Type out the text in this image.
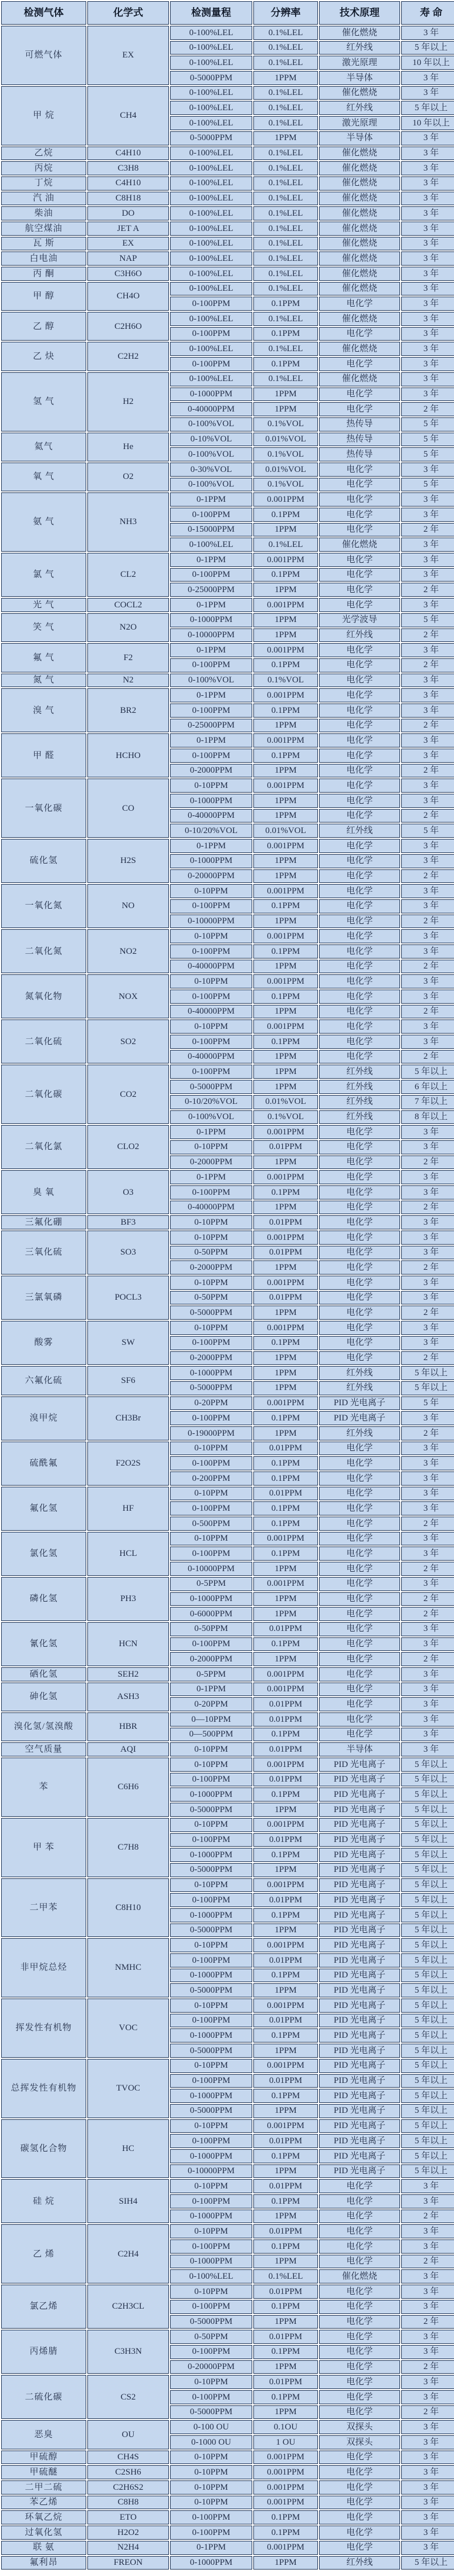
检测气体	化学式	检测量程	分辨率	技术原理	寿 命
可燃气体	EX	0-100%LEL	0.1%LEL	催化燃烧	3 年
		0-100%LEL	0.1%LEL	红外线	5 年以上
		0-100%LEL	0.1%LEL	激光原理	10 年以上
		0-5000PPM	1PPM	半导体	3 年
甲 烷	CH4	0-100%LEL	0.1%LEL	催化燃烧	3 年
		0-100%LEL	0.1%LEL	红外线	5 年以上
		0-100%LEL	0.1%LEL	激光原理	10 年以上
		0-5000PPM	1PPM	半导体	3 年
乙烷	C4H10	0-100%LEL	0.1%LEL	催化燃烧	3 年
丙烷	C3H8	0-100%LEL	0.1%LEL	催化燃烧	3 年
丁烷	C4H10	0-100%LEL	0.1%LEL	催化燃烧	3 年
汽 油	C8H18	0-100%LEL	0.1%LEL	催化燃烧	3 年
柴油	DO	0-100%LEL	0.1%LEL	催化燃烧	3 年
航空煤油	JET A	0-100%LEL	0.1%LEL	催化燃烧	3 年
瓦 斯	EX	0-100%LEL	0.1%LEL	催化燃烧	3 年
白电油	NAP	0-100%LEL	0.1%LEL	催化燃烧	3 年
丙 酮	C3H6O	0-100%LEL	0.1%LEL	催化燃烧	3 年
甲 醇	CH4O	0-100%LEL	0.1%LEL	催化燃烧	3 年
		0-100PPM	0.1PPM	电化学	3 年
乙 醇	C2H6O	0-100%LEL	0.1%LEL	催化燃烧	3 年
		0-100PPM	0.1PPM	电化学	3 年
乙 炔	C2H2	0-100%LEL	0.1%LEL	催化燃烧	3 年
		0-100PPM	0.1PPM	电化学	3 年
氢 气	H2	0-100%LEL	0.1%LEL	催化燃烧	3 年
		0-1000PPM	1PPM	电化学	3 年
		0-40000PPM	1PPM	电化学	2 年
		0-100%VOL	0.1%VOL	热传导	5 年
氦气	He	0-10%VOL	0.01%VOL	热传导	5 年
		0-100%VOL	0.1%VOL	热传导	5 年
氧 气	O2	0-30%VOL	0.01%VOL	电化学	3 年
		0-100%VOL	0.1%VOL	电化学	5 年
氨 气	NH3	0-1PPM	0.001PPM	电化学	3 年
		0-100PPM	0.1PPM	电化学	3 年
		0-15000PPM	1PPM	电化学	2 年
		0-100%LEL	0.1%LEL	催化燃烧	3 年
氯 气	CL2	0-1PPM	0.001PPM	电化学	3 年
		0-100PPM	0.1PPM	电化学	3 年
		0-25000PPM	1PPM	电化学	2 年
光 气	COCL2	0-1PPM	0.001PPM	电化学	3 年
笑 气	N2O	0-1000PPM	1PPM	光学波导	5 年
		0-10000PPM	1PPM	红外线	2 年
氟 气	F2	0-1PPM	0.001PPM	电化学	3 年
		0-100PPM	0.1PPM	电化学	2 年
氮 气	N2	0-100%VOL	0.1%VOL	电化学	3 年
溴 气	BR2	0-1PPM	0.001PPM	电化学	3 年
		0-100PPM	0.1PPM	电化学	3 年
		0-25000PPM	1PPM	电化学	2 年
甲 醛	HCHO	0-1PPM	0.001PPM	电化学	3 年
		0-100PPM	0.1PPM	电化学	3 年
		0-2000PPM	1PPM	电化学	2 年
一氧化碳	CO	0-10PPM	0.001PPM	电化学	3 年
		0-1000PPM	1PPM	电化学	3 年
		0-40000PPM	1PPM	电化学	2 年
		0-10/20%VOL	0.01%VOL	红外线	5 年
硫化氢	H2S	0-1PPM	0.001PPM	电化学	3 年
		0-1000PPM	1PPM	电化学	3 年
		0-20000PPM	1PPM	电化学	2 年
一氧化氮	NO	0-10PPM	0.001PPM	电化学	3 年
		0-100PPM	0.1PPM	电化学	3 年
		0-10000PPM	1PPM	电化学	2 年
二氧化氮	NO2	0-10PPM	0.001PPM	电化学	3 年
		0-100PPM	0.1PPM	电化学	3 年
		0-40000PPM	1PPM	电化学	2 年
氮氧化物	NOX	0-10PPM	0.001PPM	电化学	3 年
		0-100PPM	0.1PPM	电化学	3 年
		0-40000PPM	1PPM	电化学	2 年
二氧化硫	SO2	0-10PPM	0.001PPM	电化学	3 年
		0-100PPM	0.1PPM	电化学	3 年
		0-40000PPM	1PPM	电化学	2 年
二氧化碳	CO2	0-100PPM	1PPM	红外线	5 年以上
		0-5000PPM	1PPM	红外线	6 年以上
		0-10/20%VOL	0.01%VOL	红外线	7 年以上
		0-100%VOL	0.1%VOL	红外线	8 年以上
二氧化氯	CLO2	0-1PPM	0.001PPM	电化学	3 年
		0-10PPM	0.01PPM	电化学	3 年
		0-2000PPM	1PPM	电化学	2 年
臭 氧	O3	0-1PPM	0.001PPM	电化学	3 年
		0-100PPM	0.1PPM	电化学	3 年
		0-40000PPM	1PPM	电化学	2 年
三氟化硼	BF3	0-10PPM	0.01PPM	电化学	3 年
三氧化硫	SO3	0-10PPM	0.001PPM	电化学	3 年
		0-50PPM	0.01PPM	电化学	3 年
		0-2000PPM	1PPM	电化学	2 年
三氯氧磷	POCL3	0-10PPM	0.001PPM	电化学	3 年
		0-50PPM	0.01PPM	电化学	3 年
		0-5000PPM	1PPM	电化学	2 年
酸雾	SW	0-10PPM	0.001PPM	电化学	3 年
		0-100PPM	0.1PPM	电化学	3 年
		0-2000PPM	1PPM	电化学	2 年
六氟化硫	SF6	0-1000PPM	1PPM	红外线	5 年以上
		0-5000PPM	1PPM	红外线	5 年以上
溴甲烷	CH3Br	0-20PPM	0.001PPM	PID 光电离子	5 年
		0-100PPM	0.1PPM	PID 光电离子	3 年
		0-19000PPM	1PPM	红外线	2 年
硫酰氟	F2O2S	0-10PPM	0.01PPM	电化学	3 年
		0-100PPM	0.1PPM	电化学	3 年
		0-200PPM	0.1PPM	电化学	3 年
氟化氢	HF	0-10PPM	0.01PPM	电化学	3 年
		0-100PPM	0.1PPM	电化学	3 年
		0-500PPM	0.1PPM	电化学	2 年
氯化氢	HCL	0-10PPM	0.001PPM	电化学	3 年
		0-100PPM	0.1PPM	电化学	3 年
		0-10000PPM	1PPM	电化学	2 年
磷化氢	PH3	0-5PPM	0.001PPM	电化学	3 年
		0-1000PPM	1PPM	电化学	2 年
		0-6000PPM	1PPM	电化学	2 年
氰化氢	HCN	0-50PPM	0.01PPM	电化学	3 年
		0-100PPM	0.1PPM	电化学	3 年
		0-2000PPM	1PPM	电化学	2 年
硒化氢	SEH2	0-5PPM	0.001PPM	电化学	3 年
砷化氢	ASH3	0-1PPM	0.001PPM	电化学	3 年
		0-20PPM	0.01PPM	电化学	3 年
溴化氢/氢溴酸	HBR	0—10PPM	0.01PPM	电化学	3 年
		0—500PPM	0.1PPM	电化学	3 年
空气质量	AQI	0-10PPM	0.01PPM	半导体	3 年
苯	C6H6	0-10PPM	0.001PPM	PID 光电离子	5 年以上
		0-100PPM	0.01PPM	PID 光电离子	5 年以上
		0-1000PPM	0.1PPM	PID 光电离子	5 年以上
		0-5000PPM	1PPM	PID 光电离子	5 年以上
甲 苯	C7H8	0-10PPM	0.001PPM	PID 光电离子	5 年以上
		0-100PPM	0.01PPM	PID 光电离子	5 年以上
		0-1000PPM	0.1PPM	PID 光电离子	5 年以上
		0-5000PPM	1PPM	PID 光电离子	5 年以上
二甲苯	C8H10	0-10PPM	0.001PPM	PID 光电离子	5 年以上
		0-100PPM	0.01PPM	PID 光电离子	5 年以上
		0-1000PPM	0.1PPM	PID 光电离子	5 年以上
		0-5000PPM	1PPM	PID 光电离子	5 年以上
非甲烷总烃	NMHC	0-10PPM	0.001PPM	PID 光电离子	5 年以上
		0-100PPM	0.01PPM	PID 光电离子	5 年以上
		0-1000PPM	0.1PPM	PID 光电离子	5 年以上
		0-5000PPM	1PPM	PID 光电离子	5 年以上
挥发性有机物	VOC	0-10PPM	0.001PPM	PID 光电离子	5 年以上
		0-100PPM	0.01PPM	PID 光电离子	5 年以上
		0-1000PPM	0.1PPM	PID 光电离子	5 年以上
		0-5000PPM	1PPM	PID 光电离子	5 年以上
总挥发性有机物	TVOC	0-10PPM	0.001PPM	PID 光电离子	5 年以上
		0-100PPM	0.01PPM	PID 光电离子	5 年以上
		0-1000PPM	0.1PPM	PID 光电离子	5 年以上
		0-5000PPM	1PPM	PID 光电离子	5 年以上
碳氢化合物	HC	0-10PPM	0.001PPM	PID 光电离子	5 年以上
		0-100PPM	0.01PPM	PID 光电离子	5 年以上
		0-1000PPM	0.1PPM	PID 光电离子	5 年以上
		0-10000PPM	1PPM	PID 光电离子	5 年以上
硅 烷	SIH4	0-10PPM	0.01PPM	电化学	3 年
		0-100PPM	0.1PPM	电化学	3 年
		0-1000PPM	1PPM	电化学	2 年
乙 烯	C2H4	0-10PPM	0.01PPM	电化学	3 年
		0-100PPM	0.1PPM	电化学	3 年
		0-1000PPM	1PPM	电化学	2 年
		0-100%LEL	0.1%LEL	催化燃烧	3 年
氯乙烯	C2H3CL	0-10PPM	0.01PPM	电化学	3 年
		0-100PPM	0.1PPM	电化学	3 年
		0-5000PPM	1PPM	电化学	2 年
丙烯腈	C3H3N	0-50PPM	0.01PPM	电化学	3 年
		0-100PPM	0.1PPM	电化学	3 年
		0-20000PPM	1PPM	电化学	2 年
二硫化碳	CS2	0-10PPM	0.01PPM	电化学	3 年
		0-100PPM	0.1PPM	电化学	3 年
		0-5000PPM	1PPM	电化学	2 年
恶臭	OU	0-100 OU	0.1OU	双探头	3 年
		0-1000 OU	1 OU	双探头	3 年
甲硫醇	CH4S	0-10PPM	0.001PPM	电化学	3 年
甲硫醚	C2SH6	0-10PPM	0.001PPM	电化学	3 年
二甲二硫	C2H6S2	0-10PPM	0.001PPM	电化学	3 年
苯乙烯	C8H8	0-10PPM	0.001PPM	电化学	3 年
环氧乙烷	ETO	0-100PPM	0.1PPM	电化学	3 年
过氧化氢	H2O2	0-100PPM	0.1PPM	电化学	3 年
联 氨	N2H4	0-1PPM	0.001PPM	电化学	3 年
氟利昂	FREON	0-1000PPM	1PPM	红外线	5 年以上
